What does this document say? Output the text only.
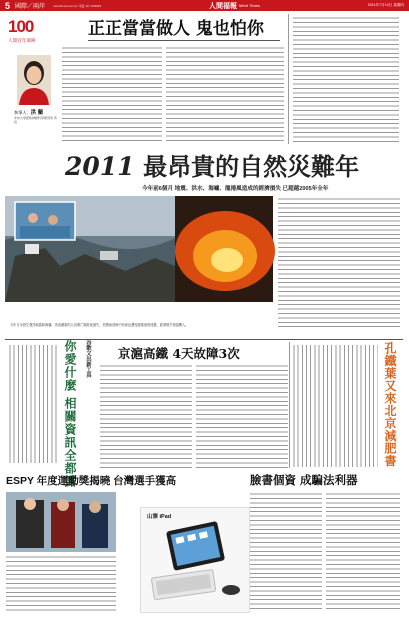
5 國際／兩岸	www.rfbmerit.com.tw / 電話: (07) 0000000	人間福報 Merit Times	2011年7月14日 星期四
100
人間百年筆陣
正正當當做人 鬼也怕你
執筆人：洪 蘭
中央大學認知神經科學研究所 所長
2011 最昂貴的自然災難年
今年前6個月 地震、洪水、海嘯、龍捲風造成的經濟損失 已超越2005年全年
今年日本發生強烈地震和海嘯，造成嚴重的人員傷亡與財產損失，美國南部與中西部也遭受龍捲風的侵襲，經濟損失相當驚人。
谷歌又出新工具
你愛什麼 相關資訊全都露
ESPY 年度運動獎揭曉 台灣選手獲高
京滬高鐵 4天故障3次
臉書個資 成騙法利器
山寨 iPad
孔鐵葉又來北京減肥書
